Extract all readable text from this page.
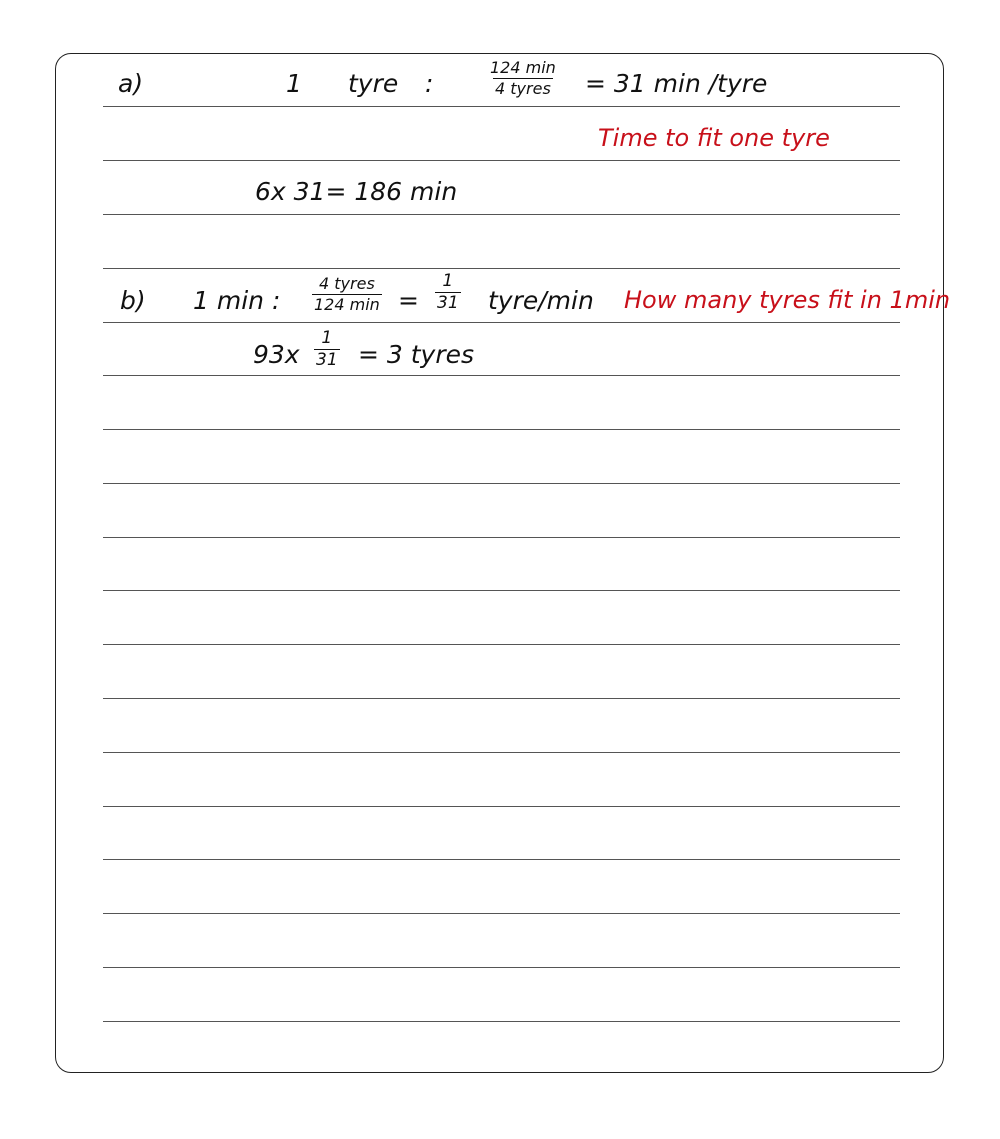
a)	1 tyre :
124 min
4 tyres = 31 min /tyre
Time to fit one tyre
6x 31= 186 min
b) 1 min :
4 tyres
124 $\min = \frac{1}{31}$ tyre/min How many tyres fit in 1min
$93x \frac{1}{31} = 3$ tyres
